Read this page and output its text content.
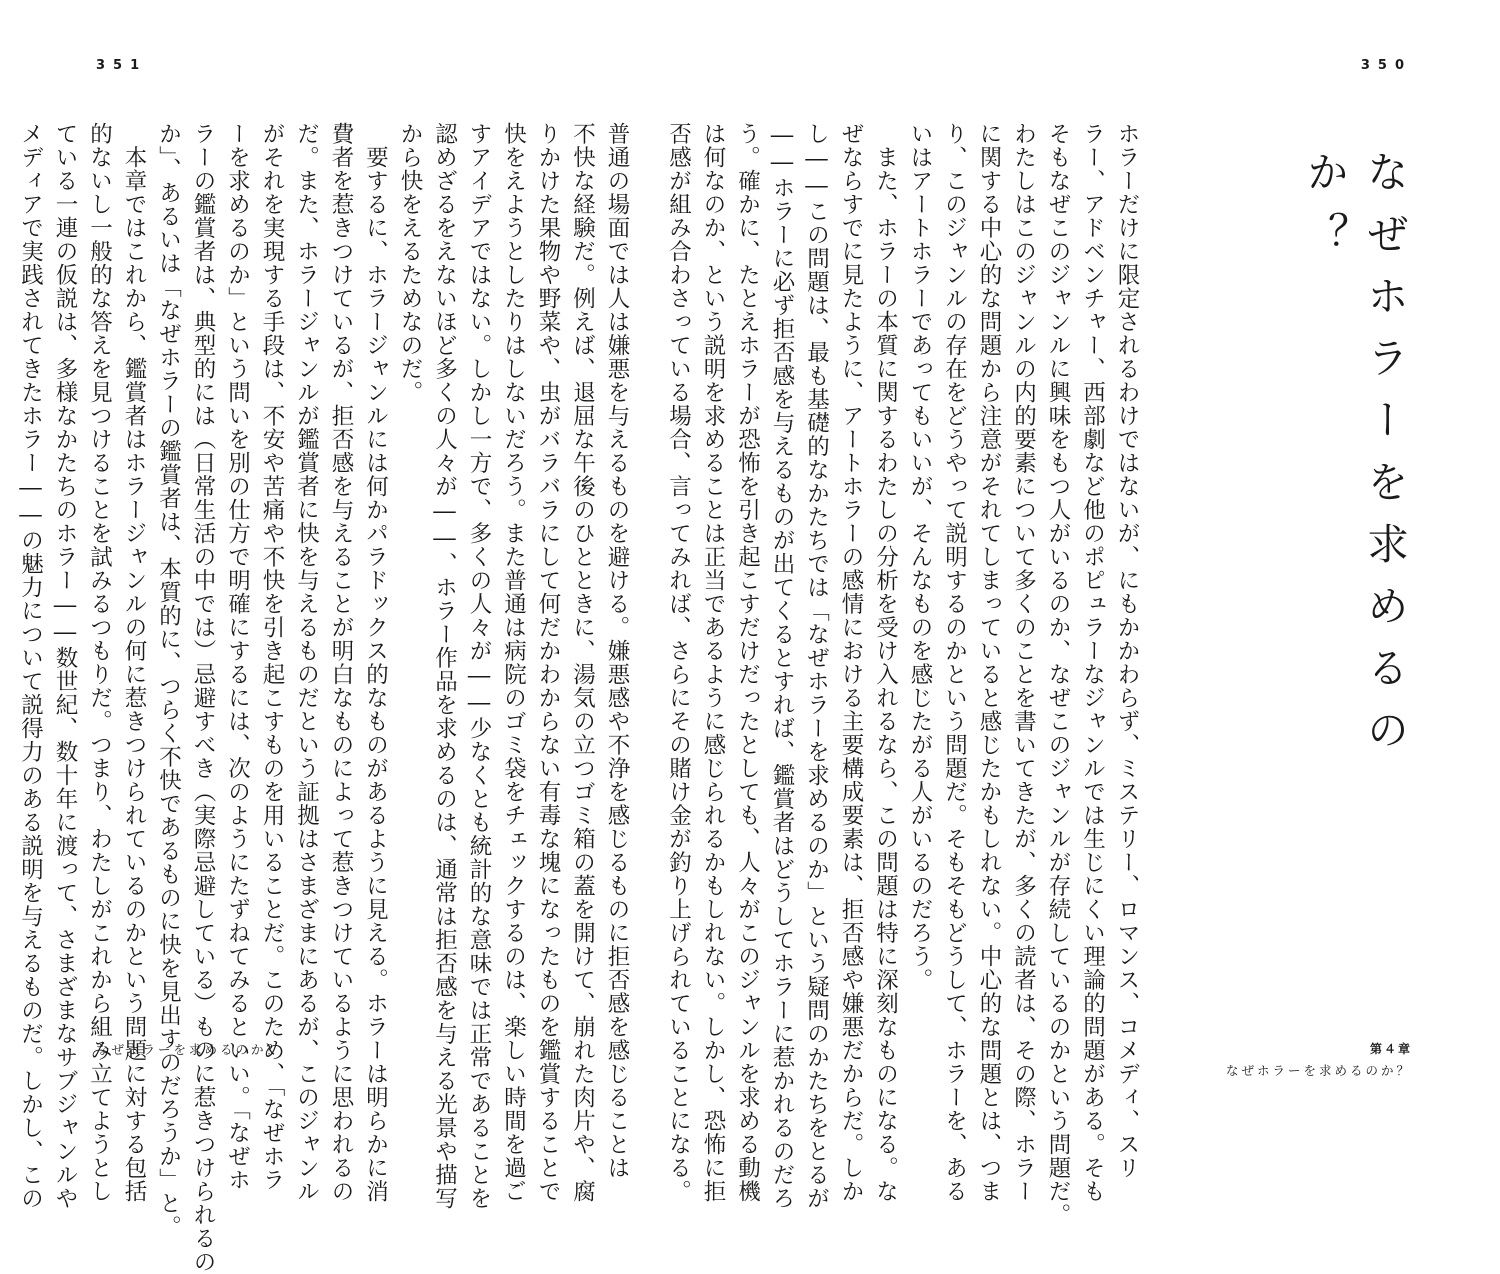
351	350

普通の場面では人は嫌悪を与えるものを避ける。嫌悪感や不浄を感じるものに拒否感を感じることは

不快な経験だ。例えば、退屈な午後のひとときに、湯気の立つゴミ箱の蓋を開けて、崩れた肉片や、腐

りかけた果物や野菜や、虫がバラバラにして何だかわからない有毒な塊になったものを鑑賞することで

快をえようとしたりはしないだろう。また普通は病院のゴミ袋をチェックするのは、楽しい時間を過ご

すアイデアではない。しかし一方で、多くの人々が――少なくとも統計的な意味では正常であることを

認めざるをえないほど多くの人々が――、ホラー作品を求めるのは、通常は拒否感を与える光景や描写

から快をえるためなのだ。

　要するに、ホラージャンルには何かパラドックス的なものがあるように見える。ホラーは明らかに消

費者を惹きつけているが、拒否感を与えることが明白なものによって惹きつけているように思われるの

だ。また、ホラージャンルが鑑賞者に快を与えるものだという証拠はさまざまにあるが、このジャンル

がそれを実現する手段は、不安や苦痛や不快を引き起こすものを用いることだ。このため、「なぜホラ

ーを求めるのか」という問いを別の仕方で明確にするには、次のようにたずねてみるといい。「なぜホ

ラーの鑑賞者は、典型的には（日常生活の中では）忌避すべき（実際忌避している）ものに惹きつけられるの

か」、あるいは「なぜホラーの鑑賞者は、本質的に、つらく不快であるものに快を見出すのだろうか」と。

　本章ではこれから、鑑賞者はホラージャンルの何に惹きつけられているのかという問題に対する包括

的ないし一般的な答えを見つけることを試みるつもりだ。つまり、わたしがこれから組み立てようとし

ている一連の仮説は、多様なかたちのホラー――数世紀、数十年に渡って、さまざまなサブジャンルや

メディアで実践されてきたホラー――の魅力について説得力のある説明を与えるものだ。しかし、この	ホラーだけに限定されるわけではないが、にもかかわらず、ミステリー、ロマンス、コメディ、スリ

ラー、アドベンチャー、西部劇など他のポピュラーなジャンルでは生じにくい理論的問題がある。そも

そもなぜこのジャンルに興味をもつ人がいるのか、なぜこのジャンルが存続しているのかという問題だ。

わたしはこのジャンルの内的要素について多くのことを書いてきたが、多くの読者は、その際、ホラー

に関する中心的な問題から注意がそれてしまっていると感じたかもしれない。中心的な問題とは、つま

り、このジャンルの存在をどうやって説明するのかという問題だ。そもそもどうして、ホラーを、ある

いはアートホラーであってもいいが、そんなものを感じたがる人がいるのだろう。

　また、ホラーの本質に関するわたしの分析を受け入れるなら、この問題は特に深刻なものになる。な

ぜならすでに見たように、アートホラーの感情における主要構成要素は、拒否感や嫌悪だからだ。しか

し――この問題は、最も基礎的なかたちでは「なぜホラーを求めるのか」という疑問のかたちをとるが

――ホラーに必ず拒否感を与えるものが出てくるとすれば、鑑賞者はどうしてホラーに惹かれるのだろ

う。確かに、たとえホラーが恐怖を引き起こすだけだったとしても、人々がこのジャンルを求める動機

は何なのか、という説明を求めることは正当であるように感じられるかもしれない。しかし、恐怖に拒

否感が組み合わさっている場合、言ってみれば、さらにその賭け金が釣り上げられていることになる。	なぜホラーを求めるのか？
なぜホラーを求めるのか？	第４章
なぜホラーを求めるのか？
